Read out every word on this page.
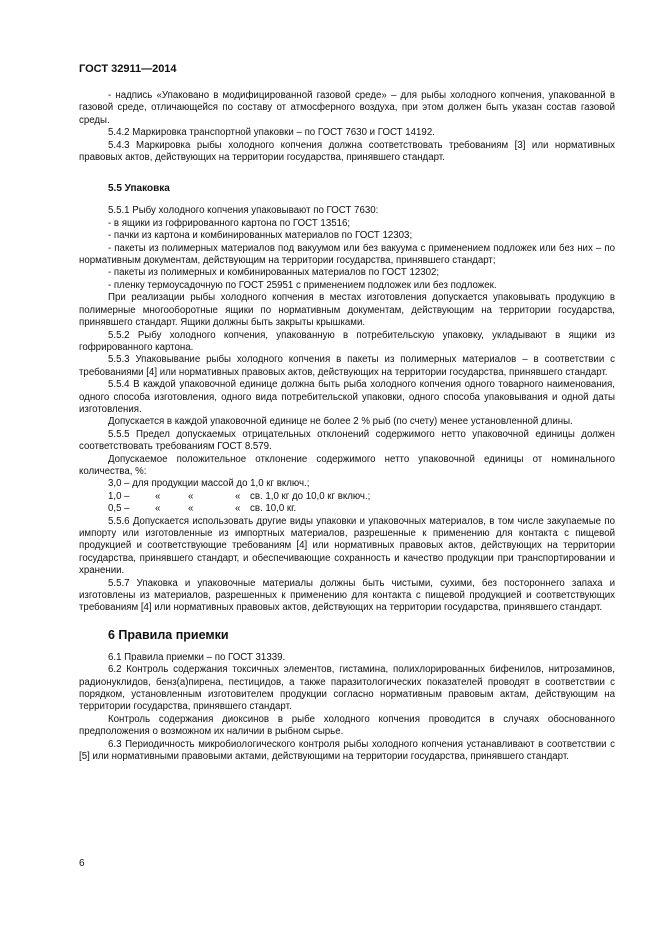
ГОСТ 32911—2014

- надпись «Упаковано в модифицированной газовой среде» – для рыбы холодного копчения, упакованной в газовой среде, отличающейся по составу от атмосферного воздуха, при этом должен быть указан состав газовой среды.

5.4.2 Маркировка транспортной упаковки – по ГОСТ 7630 и ГОСТ 14192.

5.4.3 Маркировка рыбы холодного копчения должна соответствовать требованиям [3] или нормативных правовых актов, действующих на территории государства, принявшего стандарт.

5.5 Упаковка

5.5.1 Рыбу холодного копчения упаковывают по ГОСТ 7630:

- в ящики из гофрированного картона по ГОСТ 13516;

- пачки из картона и комбинированных материалов по ГОСТ 12303;

- пакеты из полимерных материалов под вакуумом или без вакуума с применением подложек или без них – по нормативным документам, действующим на территории государства, принявшего стандарт;

- пакеты из полимерных и комбинированных материалов по ГОСТ 12302;

- пленку термоусадочную по ГОСТ 25951 с применением подложек или без подложек.

При реализации рыбы холодного копчения в местах изготовления допускается упаковывать продукцию в полимерные многооборотные ящики по нормативным документам, действующим на территории государства, принявшего стандарт. Ящики должны быть закрыты крышками.

5.5.2 Рыбу холодного копчения, упакованную в потребительскую упаковку, укладывают в ящики из гофрированного картона.

5.5.3 Упаковывание рыбы холодного копчения в пакеты из полимерных материалов – в соответствии с требованиями [4] или нормативных правовых актов, действующих на территории государства, принявшего стандарт.

5.5.4 В каждой упаковочной единице должна быть рыба холодного копчения одного товарного наименования, одного способа изготовления, одного вида потребительской упаковки, одного способа упаковывания и одной даты изготовления.

Допускается в каждой упаковочной единице не более 2 % рыб (по счету) менее установленной длины.

5.5.5 Предел допускаемых отрицательных отклонений содержимого нетто упаковочной единицы должен соответствовать требованиям ГОСТ 8.579.

Допускаемое положительное отклонение содержимого нетто упаковочной единицы от номинального количества, %:

3,0 – для продукции массой до 1,0 кг включ.;
1,0 –	«	«	« св. 1,0 кг до 10,0 кг включ.;
0,5 –	«	«	« св. 10,0 кг.

5.5.6 Допускается использовать другие виды упаковки и упаковочных материалов, в том числе закупаемые по импорту или изготовленные из импортных материалов, разрешенные к применению для контакта с пищевой продукцией и соответствующие требованиям [4] или нормативных правовых актов, действующих на территории государства, принявшего стандарт, и обеспечивающие сохранность и качество продукции при транспортировании и хранении.

5.5.7 Упаковка и упаковочные материалы должны быть чистыми, сухими, без постороннего запаха и изготовлены из материалов, разрешенных к применению для контакта с пищевой продукцией и соответствующих требованиям [4] или нормативных правовых актов, действующих на территории государства, принявшего стандарт.

6 Правила приемки

6.1 Правила приемки – по ГОСТ 31339.

6.2 Контроль содержания токсичных элементов, гистамина, полихлорированных бифенилов, нитрозаминов, радионуклидов, бенз(а)пирена, пестицидов, а также паразитологических показателей проводят в соответствии с порядком, установленным изготовителем продукции согласно нормативным правовым актам, действующим на территории государства, принявшего стандарт.

Контроль содержания диоксинов в рыбе холодного копчения проводится в случаях обоснованного предположения о возможном их наличии в рыбном сырье.

6.3 Периодичность микробиологического контроля рыбы холодного копчения устанавливают в соответствии с [5] или нормативными правовыми актами, действующими на территории государства, принявшего стандарт.

6
